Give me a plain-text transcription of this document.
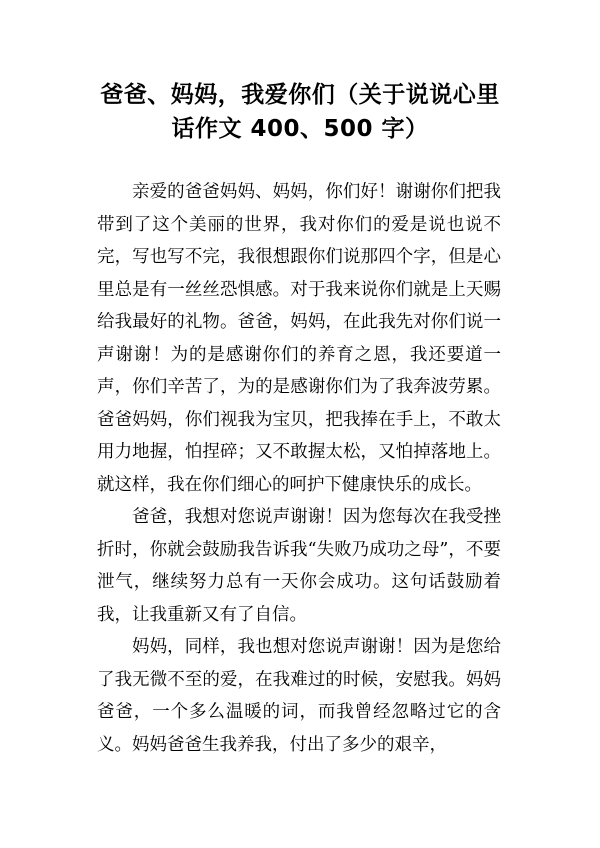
爸爸、妈妈，我爱你们（关于说说心里话作文 400、500 字）

亲爱的爸爸妈妈、妈妈，你们好！谢谢你们把我带到了这个美丽的世界，我对你们的爱是说也说不完，写也写不完，我很想跟你们说那四个字，但是心里总是有一丝丝恐惧感。对于我来说你们就是上天赐给我最好的礼物。爸爸，妈妈，在此我先对你们说一声谢谢！为的是感谢你们的养育之恩，我还要道一声，你们辛苦了，为的是感谢你们为了我奔波劳累。爸爸妈妈，你们视我为宝贝，把我捧在手上，不敢太用力地握，怕捏碎；又不敢握太松，又怕掉落地上。就这样，我在你们细心的呵护下健康快乐的成长。

爸爸，我想对您说声谢谢！因为您每次在我受挫折时，你就会鼓励我告诉我“失败乃成功之母”，不要泄气，继续努力总有一天你会成功。这句话鼓励着我，让我重新又有了自信。

妈妈，同样，我也想对您说声谢谢！因为是您给了我无微不至的爱，在我难过的时候，安慰我。妈妈爸爸，一个多么温暖的词，而我曾经忽略过它的含义。妈妈爸爸生我养我，付出了多少的艰辛，
